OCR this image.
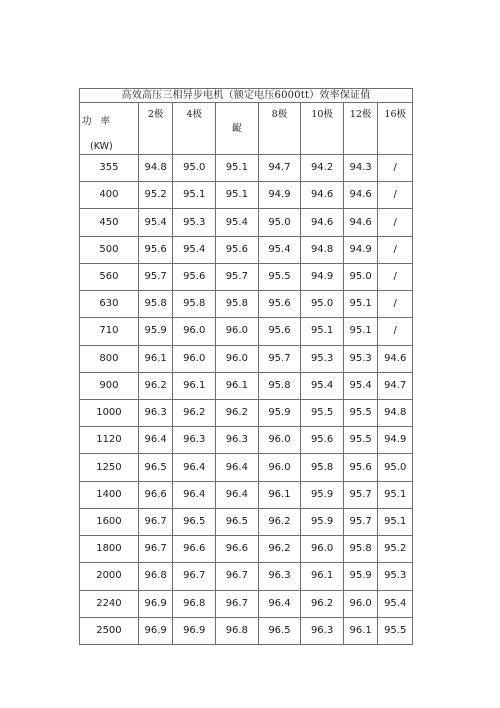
高效高压三相异步电机（额定电压6000tt）效率保证值							

功 率
(KW)	2极	4极	齪	8极	10极	12极	16极
355	94.8	95.0	95.1	94.7	94.2	94.3	/
400	95.2	95.1	95.1	94.9	94.6	94.6	/
450	95.4	95.3	95.4	95.0	94.6	94.6	/
500	95.6	95.4	95.6	95.4	94.8	94.9	/
560	95.7	95.6	95.7	95.5	94.9	95.0	/
630	95.8	95.8	95.8	95.6	95.0	95.1	/
710	95.9	96.0	96.0	95.6	95.1	95.1	/
800	96.1	96.0	96.0	95.7	95.3	95.3	94.6
900	96.2	96.1	96.1	95.8	95.4	95.4	94.7
1000	96.3	96.2	96.2	95.9	95.5	95.5	94.8
1120	96.4	96.3	96.3	96.0	95.6	95.5	94.9
1250	96.5	96.4	96.4	96.0	95.8	95.6	95.0
1400	96.6	96.4	96.4	96.1	95.9	95.7	95.1
1600	96.7	96.5	96.5	96.2	95.9	95.7	95.1
1800	96.7	96.6	96.6	96.2	96.0	95.8	95.2
2000	96.8	96.7	96.7	96.3	96.1	95.9	95.3
2240	96.9	96.8	96.7	96.4	96.2	96.0	95.4
2500	96.9	96.9	96.8	96.5	96.3	96.1	95.5
